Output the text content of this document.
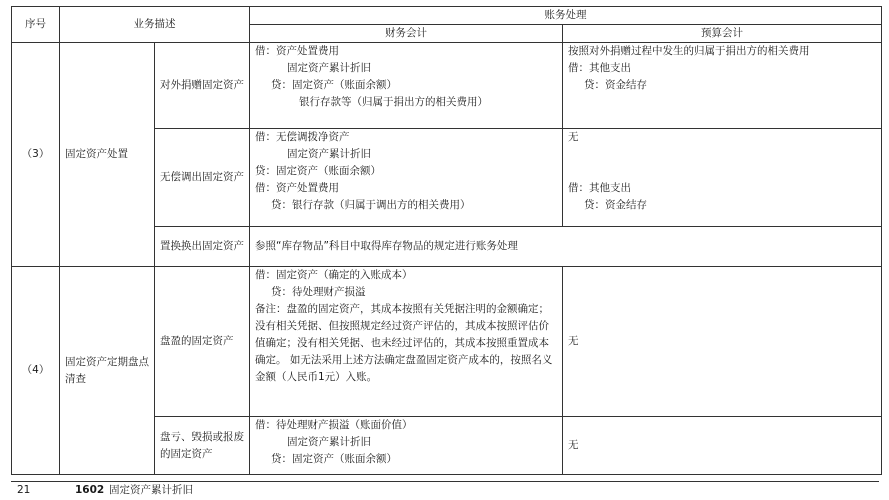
序号	业务描述		账务处理	
			财务会计	预算会计
（3）	固定资产处置	对外捐赠固定资产	借：资产处置费用
固定资产累计折旧
贷：固定资产（账面余额）
银行存款等（归属于捐出方的相关费用）	按照对外捐赠过程中发生的归属于捐出方的相关费用
借：其他支出
贷：资金结存

		无偿调出固定资产	借：无偿调拨净资产
固定资产累计折旧
贷：固定资产（账面余额）
借：资产处置费用
贷：银行存款（归属于调出方的相关费用）	无
借：其他支出
贷：资金结存

		置换换出固定资产	参照“库存物品”科目中取得库存物品的规定进行账务处理	
（4）	固定资产定期盘点清查	盘盈的固定资产	借：固定资产（确定的入账成本）
贷：待处理财产损溢
备注：盘盈的固定资产，其成本按照有关凭据注明的金额确定；没有相关凭据、但按照规定经过资产评估的，其成本按照评估价值确定；没有相关凭据、也未经过评估的，其成本按照重置成本确定。 如无法采用上述方法确定盘盈固定资产成本的，按照名义金额（人民币1元）入账。	无
		盘亏、毁损或报废的固定资产	借：待处理财产损溢（账面价值）
固定资产累计折旧
贷：固定资产（账面余额）	无
21	1602 固定资产累计折旧
